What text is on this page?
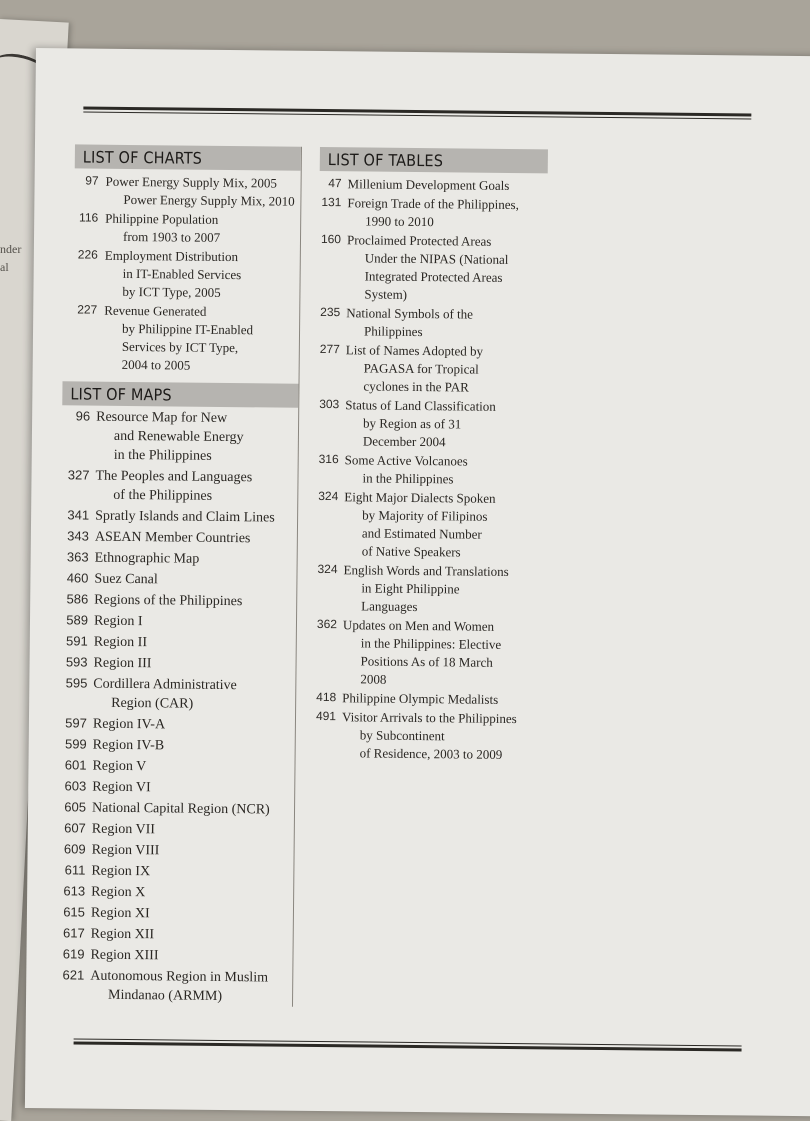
nder
al
LIST OF CHARTS
97 Power Energy Supply Mix, 2005
Power Energy Supply Mix, 2010
116 Philippine Population
from 1903 to 2007
226 Employment Distribution
in IT-Enabled Services
by ICT Type, 2005
227 Revenue Generated
by Philippine IT-Enabled
Services by ICT Type,
2004 to 2005
LIST OF MAPS
96 Resource Map for New
and Renewable Energy
in the Philippines
327 The Peoples and Languages
of the Philippines
341 Spratly Islands and Claim Lines
343 ASEAN Member Countries
363 Ethnographic Map
460 Suez Canal
586 Regions of the Philippines
589 Region I
591 Region II
593 Region III
595 Cordillera Administrative
Region (CAR)
597 Region IV-A
599 Region IV-B
601 Region V
603 Region VI
605 National Capital Region (NCR)
607 Region VII
609 Region VIII
611 Region IX
613 Region X
615 Region XI
617 Region XII
619 Region XIII
621 Autonomous Region in Muslim
Mindanao (ARMM)
LIST OF TABLES
47 Millenium Development Goals
131 Foreign Trade of the Philippines,
1990 to 2010
160 Proclaimed Protected Areas
Under the NIPAS (National
Integrated Protected Areas
System)
235 National Symbols of the
Philippines
277 List of Names Adopted by
PAGASA for Tropical
cyclones in the PAR
303 Status of Land Classification
by Region as of 31
December 2004
316 Some Active Volcanoes
in the Philippines
324 Eight Major Dialects Spoken
by Majority of Filipinos
and Estimated Number
of Native Speakers
324 English Words and Translations
in Eight Philippine
Languages
362 Updates on Men and Women
in the Philippines: Elective
Positions As of 18 March
2008
418 Philippine Olympic Medalists
491 Visitor Arrivals to the Philippines
by Subcontinent
of Residence, 2003 to 2009
